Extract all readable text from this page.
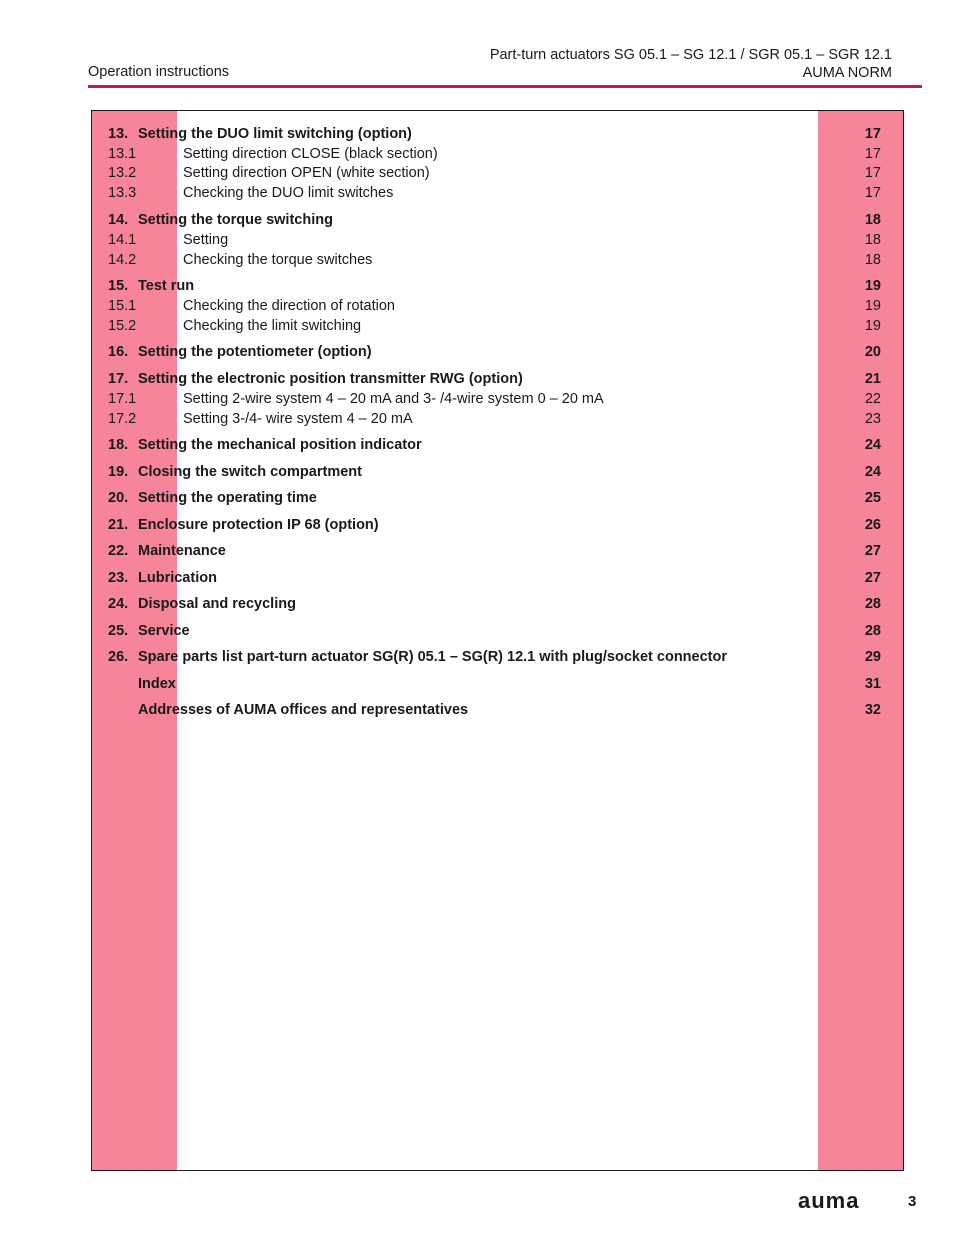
Operation instructions
Part-turn actuators SG 05.1 – SG 12.1 / SGR 05.1 – SGR 12.1
AUMA NORM
13. Setting the DUO limit switching (option)	17
13.1	Setting direction CLOSE (black section)	17
13.2	Setting direction OPEN (white section)	17
13.3	Checking the DUO limit switches	17
14. Setting the torque switching	18
14.1	Setting	18
14.2	Checking the torque switches	18
15. Test run	19
15.1	Checking the direction of rotation	19
15.2	Checking the limit switching	19
16. Setting the potentiometer (option)	20
17. Setting the electronic position transmitter RWG (option)	21
17.1	Setting 2-wire system 4 – 20 mA and 3- /4-wire system 0 – 20 mA	22
17.2	Setting 3-/4- wire system 4 – 20 mA	23
18. Setting the mechanical position indicator	24
19. Closing the switch compartment	24
20. Setting the operating time	25
21. Enclosure protection IP 68 (option)	26
22. Maintenance	27
23. Lubrication	27
24. Disposal and recycling	28
25. Service	28
26. Spare parts list part-turn actuator SG(R) 05.1 – SG(R) 12.1 with plug/socket connector	29
Index	31
Addresses of AUMA offices and representatives	32
auma	3
